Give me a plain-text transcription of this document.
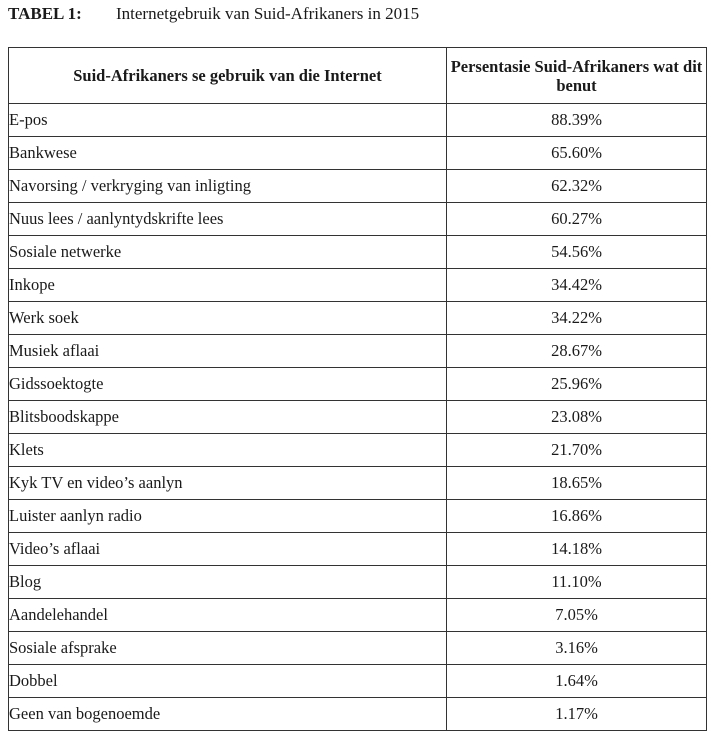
TABEL 1: Internetgebruik van Suid-Afrikaners in 2015
Suid-Afrikaners se gebruik van die Internet	Persentasie Suid-Afrikaners wat dit benut
E-pos	88.39%
Bankwese	65.60%
Navorsing / verkryging van inligting	62.32%
Nuus lees / aanlyntydskrifte lees	60.27%
Sosiale netwerke	54.56%
Inkope	34.42%
Werk soek	34.22%
Musiek aflaai	28.67%
Gidssoektogte	25.96%
Blitsboodskappe	23.08%
Klets	21.70%
Kyk TV en video’s aanlyn	18.65%
Luister aanlyn radio	16.86%
Video’s aflaai	14.18%
Blog	11.10%
Aandelehandel	7.05%
Sosiale afsprake	3.16%
Dobbel	1.64%
Geen van bogenoemde	1.17%
